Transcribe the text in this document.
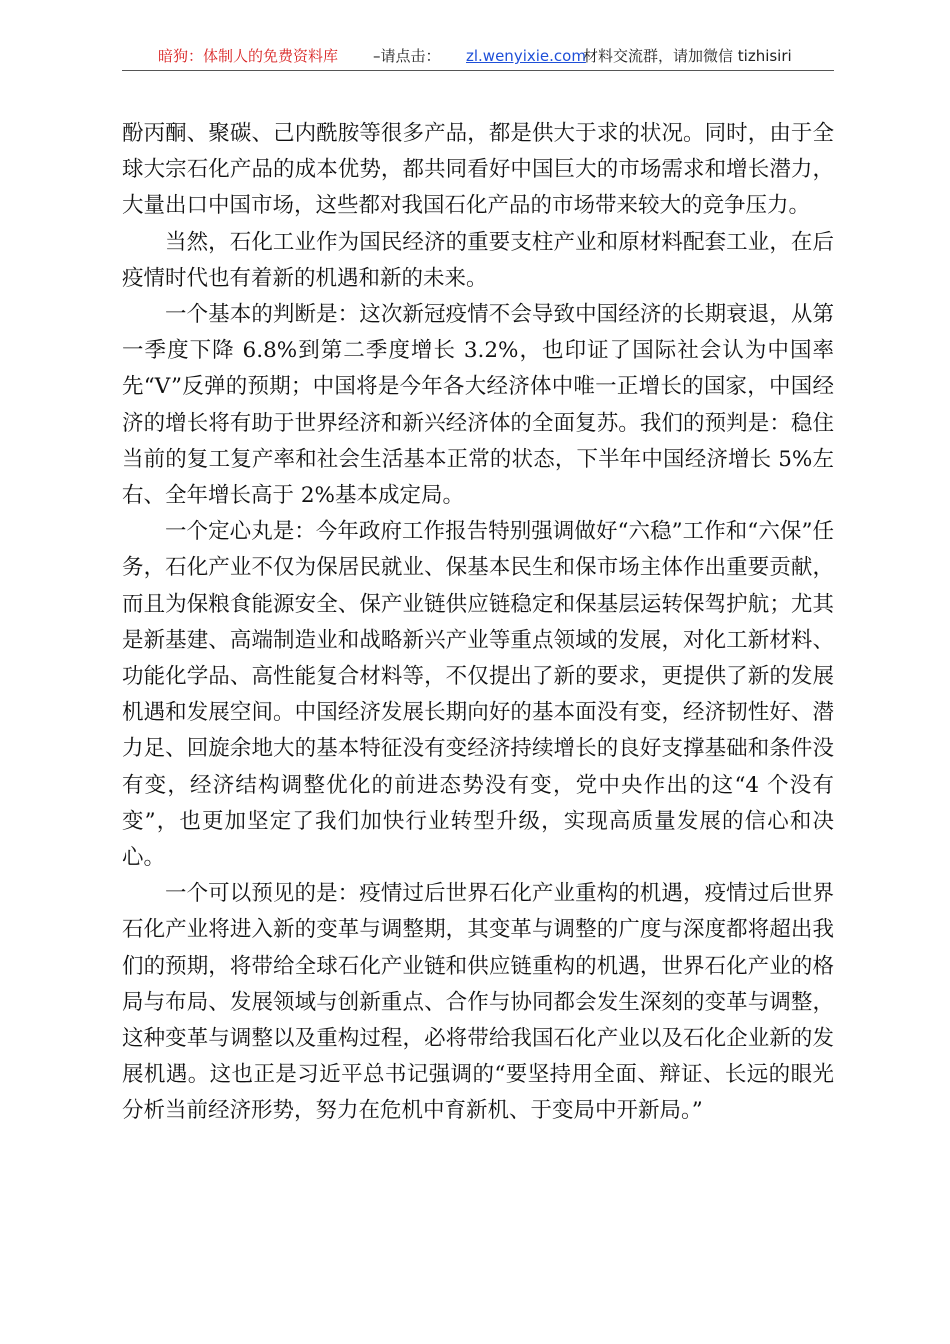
暗狗：体制人的免费资料库 –请点击： zl.wenyixie.com
材料交流群，请加微信 tizhisiri

酚丙酮、聚碳、己内酰胺等很多产品，都是供大于求的状况。同时，由于全球大宗石化产品的成本优势，都共同看好中国巨大的市场需求和增长潜力，大量出口中国市场，这些都对我国石化产品的市场带来较大的竞争压力。

当然，石化工业作为国民经济的重要支柱产业和原材料配套工业，在后疫情时代也有着新的机遇和新的未来。

一个基本的判断是：这次新冠疫情不会导致中国经济的长期衰退，从第一季度下降 6.8%到第二季度增长 3.2%，也印证了国际社会认为中国率先“V”反弹的预期；中国将是今年各大经济体中唯一正增长的国家，中国经济的增长将有助于世界经济和新兴经济体的全面复苏。我们的预判是：稳住当前的复工复产率和社会生活基本正常的状态，下半年中国经济增长 5%左右、全年增长高于 2%基本成定局。

一个定心丸是：今年政府工作报告特别强调做好“六稳”工作和“六保”任务，石化产业不仅为保居民就业、保基本民生和保市场主体作出重要贡献，而且为保粮食能源安全、保产业链供应链稳定和保基层运转保驾护航；尤其是新基建、高端制造业和战略新兴产业等重点领域的发展，对化工新材料、功能化学品、高性能复合材料等，不仅提出了新的要求，更提供了新的发展机遇和发展空间。中国经济发展长期向好的基本面没有变，经济韧性好、潜力足、回旋余地大的基本特征没有变经济持续增长的良好支撑基础和条件没有变，经济结构调整优化的前进态势没有变，党中央作出的这“4 个没有变”，也更加坚定了我们加快行业转型升级，实现高质量发展的信心和决心。

一个可以预见的是：疫情过后世界石化产业重构的机遇，疫情过后世界石化产业将进入新的变革与调整期，其变革与调整的广度与深度都将超出我们的预期，将带给全球石化产业链和供应链重构的机遇，世界石化产业的格局与布局、发展领域与创新重点、合作与协同都会发生深刻的变革与调整，这种变革与调整以及重构过程，必将带给我国石化产业以及石化企业新的发展机遇。这也正是习近平总书记强调的“要坚持用全面、辩证、长远的眼光分析当前经济形势，努力在危机中育新机、于变局中开新局。”
